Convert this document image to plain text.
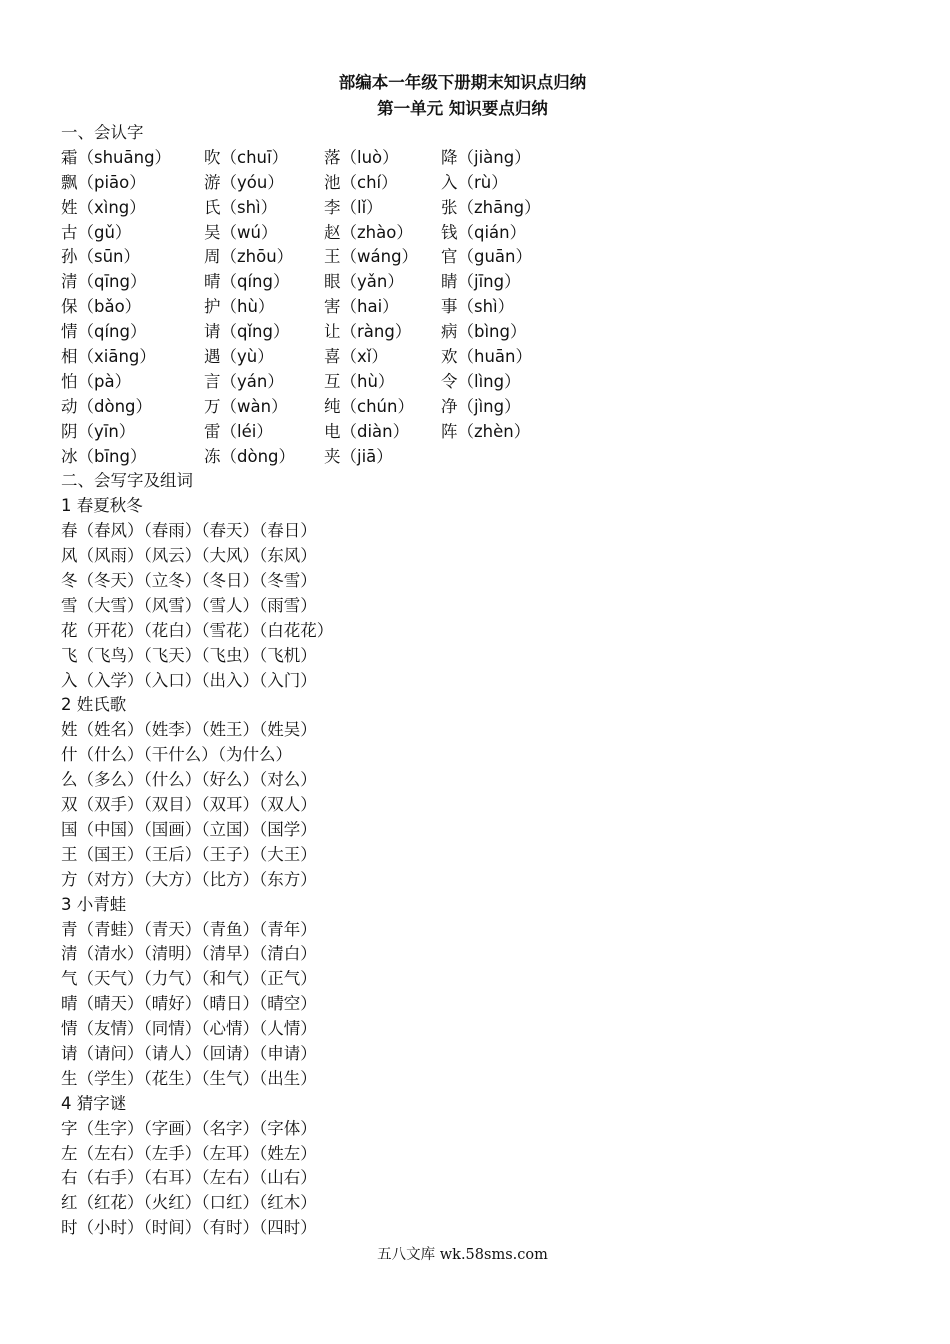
部编本一年级下册期末知识点归纳
第一单元 知识要点归纳
一、会认字
霜（shuāng） 吹（chuī） 落（luò）	降（jiàng）
飘（piāo）	游（yóu） 池（chí）	入（rù）
姓（xìng）	氏（shì）	李（lǐ）	张（zhāng）
古（gǔ）	吴（wú）	赵（zhào） 钱（qián）
孙（sūn）	周（zhōu） 王（wáng） 官（guān）
清（qīng）	晴（qíng） 眼（yǎn） 睛（jīng）
保（bǎo）	护（hù）	害（hai）	事（shì）
情（qíng）	请（qǐng） 让（ràng） 病（bìng）
相（xiāng）	遇（yù）	喜（xǐ）	欢（huān）
怕（pà）	言（yán） 互（hù）	令（lìng）
动（dòng）	万（wàn） 纯（chún） 净（jìng）
阴（yīn）	雷（léi）	电（diàn） 阵（zhèn）
冰（bīng）	冻（dòng） 夹（jiā）
二、会写字及组词
1 春夏秋冬
春（春风）（春雨）（春天）（春日）
风（风雨）（风云）（大风）（东风）
冬（冬天）（立冬）（冬日）（冬雪）
雪（大雪）（风雪）（雪人）（雨雪）
花（开花）（花白）（雪花）（白花花）
飞（飞鸟）（飞天）（飞虫）（飞机）
入（入学）（入口）（出入）（入门）
2 姓氏歌
姓（姓名）（姓李）（姓王）（姓吴）
什（什么）（干什么）（为什么）
么（多么）（什么）（好么）（对么）
双（双手）（双目）（双耳）（双人）
国（中国）（国画）（立国）（国学）
王（国王）（王后）（王子）（大王）
方（对方）（大方）（比方）（东方）
3 小青蛙
青（青蛙）（青天）（青鱼）（青年）
清（清水）（清明）（清早）（清白）
气（天气）（力气）（和气）（正气）
晴（晴天）（晴好）（晴日）（晴空）
情（友情）（同情）（心情）（人情）
请（请问）（请人）（回请）（申请）
生（学生）（花生）（生气）（出生）
4 猜字谜
字（生字）（字画）（名字）（字体）
左（左右）（左手）（左耳）（姓左）
右（右手）（右耳）（左右）（山右）
红（红花）（火红）（口红）（红木）
时（小时）（时间）（有时）（四时）
五八文库 wk.58sms.com
